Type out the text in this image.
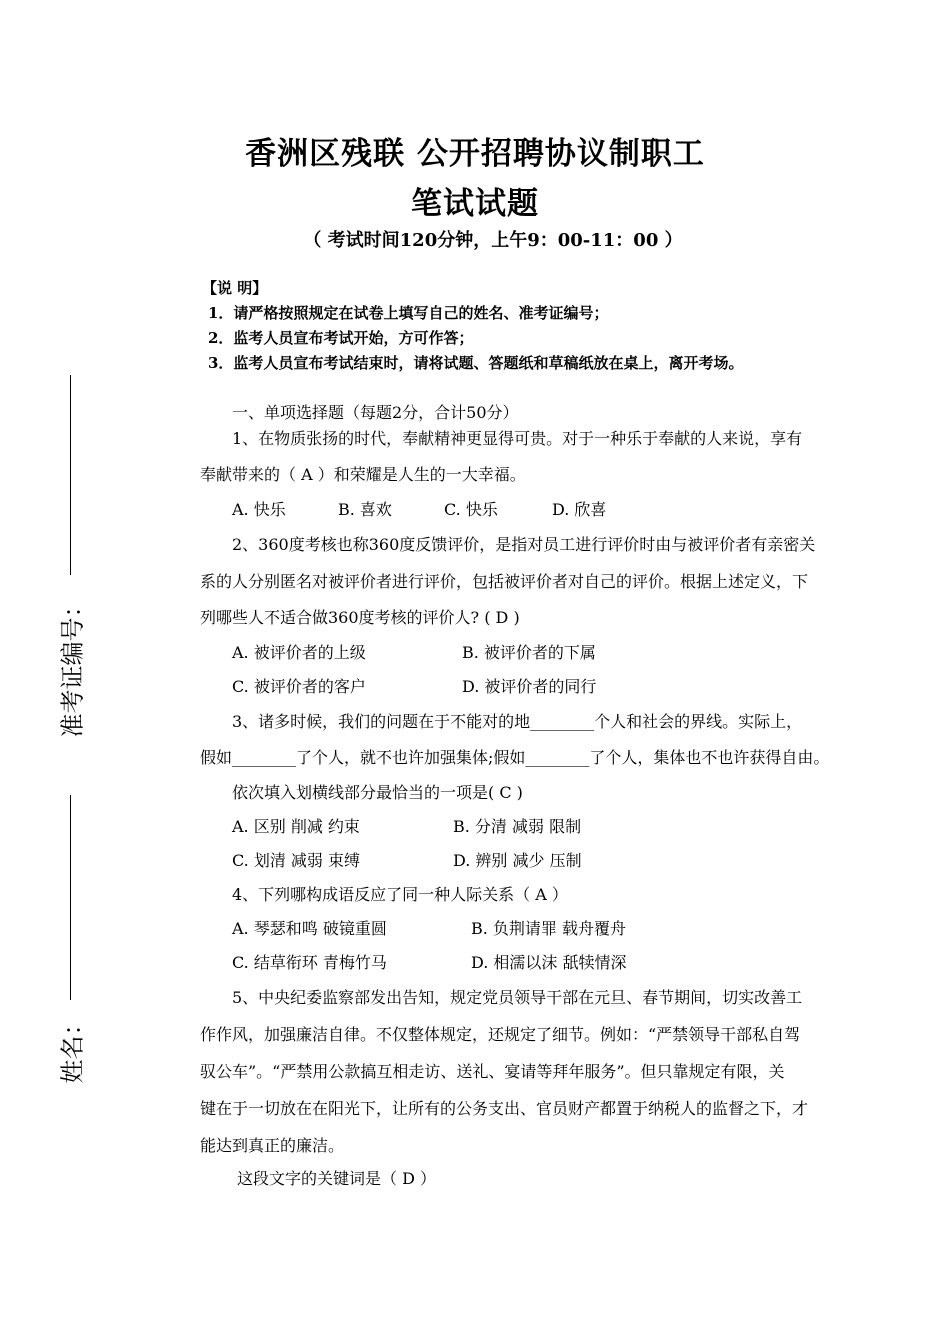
准考证编号：
姓名：
香洲区残联 公开招聘协议制职工
笔试试题
（ 考试时间120分钟，上午9：00-11：00 ）
【说 明】
1．请严格按照规定在试卷上填写自己的姓名、准考证编号；
2．监考人员宣布考试开始，方可作答；
3．监考人员宣布考试结束时，请将试题、答题纸和草稿纸放在桌上，离开考场。
一、单项选择题（每题2分，合计50分）
1、在物质张扬的时代，奉献精神更显得可贵。对于一种乐于奉献的人来说，享有
奉献带来的（ A ）和荣耀是人生的一大幸福。
A. 快乐	B. 喜欢	C. 快乐	D. 欣喜
2、360度考核也称360度反馈评价，是指对员工进行评价时由与被评价者有亲密关
系的人分别匿名对被评价者进行评价，包括被评价者对自己的评价。根据上述定义，下
列哪些人不适合做360度考核的评价人? ( D )
A. 被评价者的上级	B. 被评价者的下属
C. 被评价者的客户	D. 被评价者的同行
3、诸多时候，我们的问题在于不能对的地________个人和社会的界线。实际上，
假如________了个人，就不也许加强集体;假如________了个人，集体也不也许获得自由。
依次填入划横线部分最恰当的一项是( C )
A. 区别 削减 约束	B. 分清 减弱 限制
C. 划清 减弱 束缚	D. 辨别 减少 压制
4、下列哪构成语反应了同一种人际关系（ A ）
A. 琴瑟和鸣 破镜重圆	B. 负荆请罪 载舟覆舟
C. 结草衔环 青梅竹马	D. 相濡以沫 舐犊情深
5、中央纪委监察部发出告知，规定党员领导干部在元旦、春节期间，切实改善工
作作风，加强廉洁自律。不仅整体规定，还规定了细节。例如：“严禁领导干部私自驾
驭公车”。“严禁用公款搞互相走访、送礼、宴请等拜年服务”。但只靠规定有限，关
键在于一切放在在阳光下，让所有的公务支出、官员财产都置于纳税人的监督之下，才
能达到真正的廉洁。
这段文字的关键词是（ D ）
